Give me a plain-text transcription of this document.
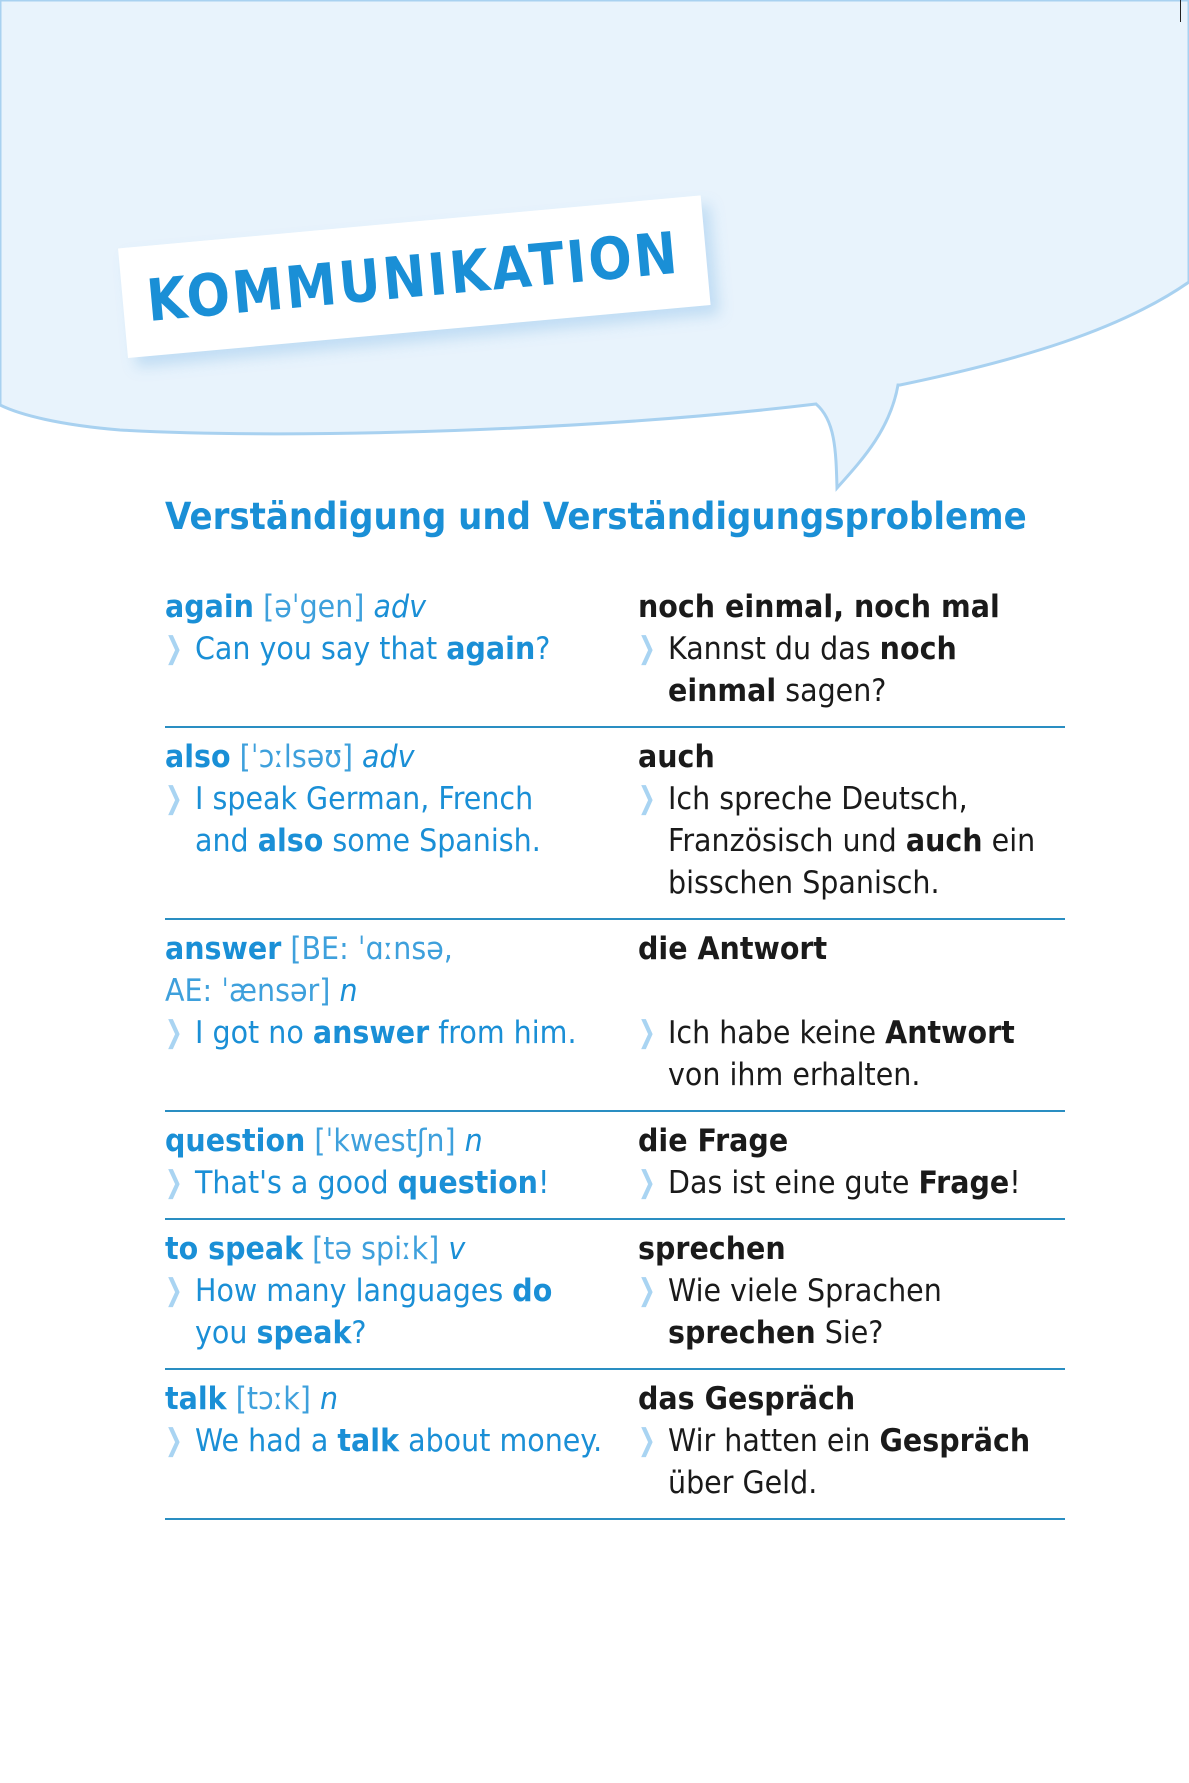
KOMMUNIKATION
Verständigung und Verständigungsprobleme
again [əˈgen] adv
❯ Can you say that again?
noch einmal, noch mal
❯ Kannst du das noch
einmal sagen?
also [ˈɔːlsəʊ] adv
❯ I speak German, French
and also some Spanish.
auch
❯ Ich spreche Deutsch,
Französisch und auch ein
bisschen Spanisch.
answer [BE: ˈɑːnsə,
AE: ˈænsər] n
❯ I got no answer from him.
die Antwort
❯ Ich habe keine Antwort
von ihm erhalten.
question [ˈkwestʃn] n
❯ That's a good question!
die Frage
❯ Das ist eine gute Frage!
to speak [tə spiːk] v
❯ How many languages do
you speak?
sprechen
❯ Wie viele Sprachen
sprechen Sie?
talk [tɔːk] n
❯ We had a talk about money.
das Gespräch
❯ Wir hatten ein Gespräch
über Geld.
